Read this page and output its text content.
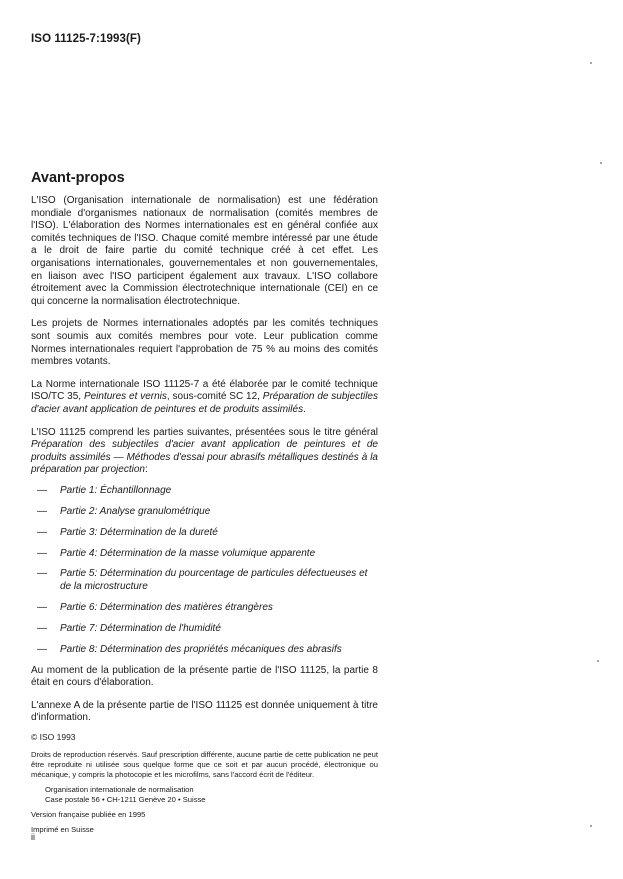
ISO 11125-7:1993(F)
Avant-propos

L'ISO (Organisation internationale de normalisation) est une fédération mondiale d'organismes nationaux de normalisation (comités membres de l'ISO). L'élaboration des Normes internationales est en général confiée aux comités techniques de l'ISO. Chaque comité membre intéressé par une étude a le droit de faire partie du comité technique créé à cet effet. Les organisations internationales, gouvernementales et non gouvernementales, en liaison avec l'ISO participent également aux travaux. L'ISO collabore étroitement avec la Commission électrotechnique internationale (CEI) en ce qui concerne la normalisation électrotechnique.

Les projets de Normes internationales adoptés par les comités techniques sont soumis aux comités membres pour vote. Leur publication comme Normes internationales requiert l'approbation de 75 % au moins des comités membres votants.

La Norme internationale ISO 11125-7 a été élaborée par le comité technique ISO/TC 35, Peintures et vernis, sous-comité SC 12, Préparation de subjectiles d'acier avant application de peintures et de produits assimilés.

L'ISO 11125 comprend les parties suivantes, présentées sous le titre général Préparation des subjectiles d'acier avant application de peintures et de produits assimilés — Méthodes d'essai pour abrasifs métalliques destinés à la préparation par projection:

— Partie 1: Échantillonnage
— Partie 2: Analyse granulométrique
— Partie 3: Détermination de la dureté
— Partie 4: Détermination de la masse volumique apparente
— Partie 5: Détermination du pourcentage de particules défectueuses et de la microstructure
— Partie 6: Détermination des matières étrangères
— Partie 7: Détermination de l'humidité
— Partie 8: Détermination des propriétés mécaniques des abrasifs

Au moment de la publication de la présente partie de l'ISO 11125, la partie 8 était en cours d'élaboration.

L'annexe A de la présente partie de l'ISO 11125 est donnée uniquement à titre d'information.

© ISO 1993

Droits de reproduction réservés. Sauf prescription différente, aucune partie de cette publication ne peut être reproduite ni utilisée sous quelque forme que ce soit et par aucun procédé, électronique ou mécanique, y compris la photocopie et les microfilms, sans l'accord écrit de l'éditeur.

Organisation internationale de normalisation
Case postale 56 • CH-1211 Genève 20 • Suisse

Version française publiée en 1995

Imprimé en Suisse

ii
